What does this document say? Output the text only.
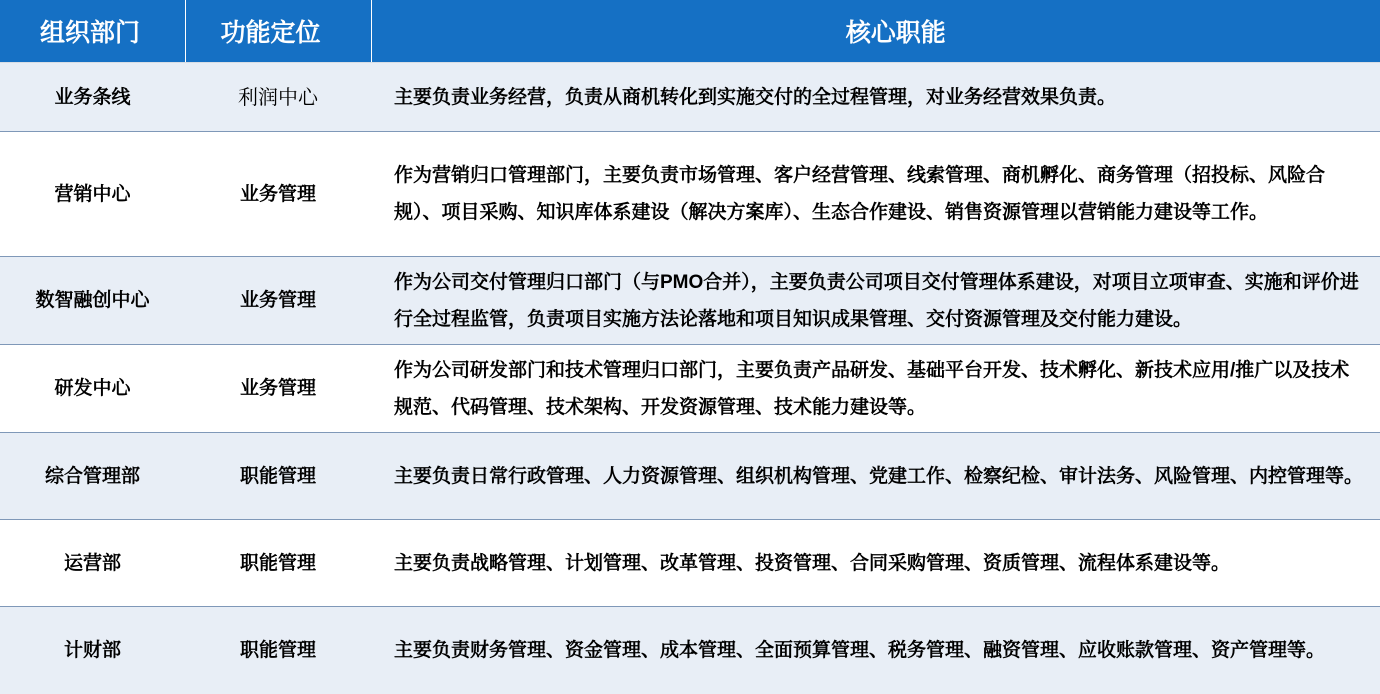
组织部门	功能定位	核心职能
业务条线	利润中心	主要负责业务经营，负责从商机转化到实施交付的全过程管理，对业务经营效果负责。
营销中心	业务管理	作为营销归口管理部门，主要负责市场管理、客户经营管理、线索管理、商机孵化、商务管理（招投标、风险合规）、项目采购、知识库体系建设（解决方案库）、生态合作建设、销售资源管理以营销能力建设等工作。
数智融创中心	业务管理	作为公司交付管理归口部门（与PMO合并），主要负责公司项目交付管理体系建设，对项目立项审查、实施和评价进行全过程监管，负责项目实施方法论落地和项目知识成果管理、交付资源管理及交付能力建设。
研发中心	业务管理	作为公司研发部门和技术管理归口部门，主要负责产品研发、基础平台开发、技术孵化、新技术应用/推广以及技术规范、代码管理、技术架构、开发资源管理、技术能力建设等。
综合管理部	职能管理	主要负责日常行政管理、人力资源管理、组织机构管理、党建工作、检察纪检、审计法务、风险管理、内控管理等。
运营部	职能管理	主要负责战略管理、计划管理、改革管理、投资管理、合同采购管理、资质管理、流程体系建设等。
计财部	职能管理	主要负责财务管理、资金管理、成本管理、全面预算管理、税务管理、融资管理、应收账款管理、资产管理等。
